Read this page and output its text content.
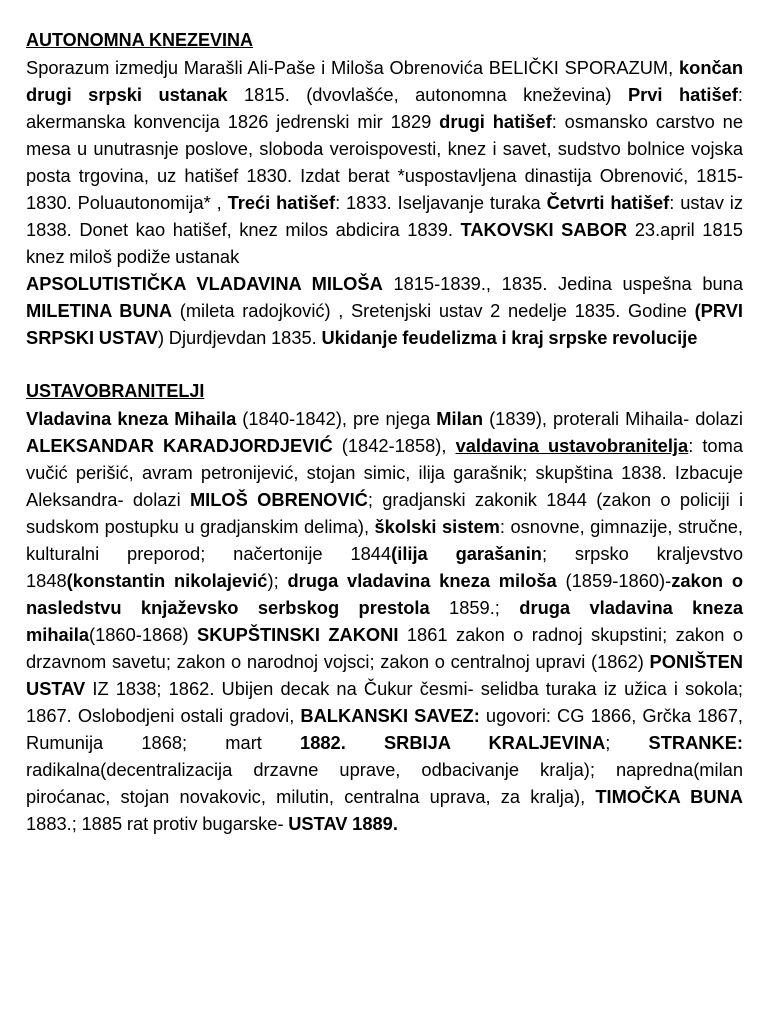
AUTONOMNA KNEZEVINA

Sporazum izmedju Marašli Ali-Paše i Miloša Obrenovića BELIČKI SPORAZUM, končan drugi srpski ustanak 1815. (dvovlašće, autonomna kneževina) Prvi hatišef: akermanska konvencija 1826 jedrenski mir 1829 drugi hatišef: osmansko carstvo ne mesa u unutrasnje poslove, sloboda veroispovesti, knez i savet, sudstvo bolnice vojska posta trgovina, uz hatišef 1830. Izdat berat *uspostavljena dinastija Obrenović, 1815-1830. Poluautonomija* , Treći hatišef: 1833. Iseljavanje turaka Četvrti hatišef: ustav iz 1838. Donet kao hatišef, knez milos abdicira 1839. TAKOVSKI SABOR 23.april 1815 knez miloš podiže ustanak

APSOLUTISTIČKA VLADAVINA MILOŠA 1815-1839., 1835. Jedina uspešna buna MILETINA BUNA (mileta radojković) , Sretenjski ustav 2 nedelje 1835. Godine (PRVI SRPSKI USTAV) Djurdjevdan 1835. Ukidanje feudelizma i kraj srpske revolucije

USTAVOBRANITELJI

Vladavina kneza Mihaila (1840-1842), pre njega Milan (1839), proterali Mihaila- dolazi ALEKSANDAR KARADJORDJEVIĆ (1842-1858), valdavina ustavobranitelja: toma vučić perišić, avram petronijević, stojan simic, ilija garašnik; skupština 1838. Izbacuje Aleksandra- dolazi MILOŠ OBRENOVIĆ; gradjanski zakonik 1844 (zakon o policiji i sudskom postupku u gradjanskim delima), školski sistem: osnovne, gimnazije, stručne, kulturalni preporod; načertonije 1844(ilija garašanin; srpsko kraljevstvo 1848(konstantin nikolajević); druga vladavina kneza miloša (1859-1860)-zakon o nasledstvu knjaževsko serbskog prestola 1859.; druga vladavina kneza mihaila(1860-1868) SKUPŠTINSKI ZAKONI 1861 zakon o radnoj skupstini; zakon o drzavnom savetu; zakon o narodnoj vojsci; zakon o centralnoj upravi (1862) PONIŠTEN USTAV IZ 1838; 1862. Ubijen decak na Čukur česmi- selidba turaka iz užica i sokola; 1867. Oslobodjeni ostali gradovi, BALKANSKI SAVEZ: ugovori: CG 1866, Grčka 1867, Rumunija 1868; mart 1882. SRBIJA KRALJEVINA; STRANKE: radikalna(decentralizacija drzavne uprave, odbacivanje kralja); napredna(milan pirоćanac, stojan novakovic, milutin, centralna uprava, za kralja), TIMOČKA BUNA 1883.; 1885 rat protiv bugarske- USTAV 1889.
